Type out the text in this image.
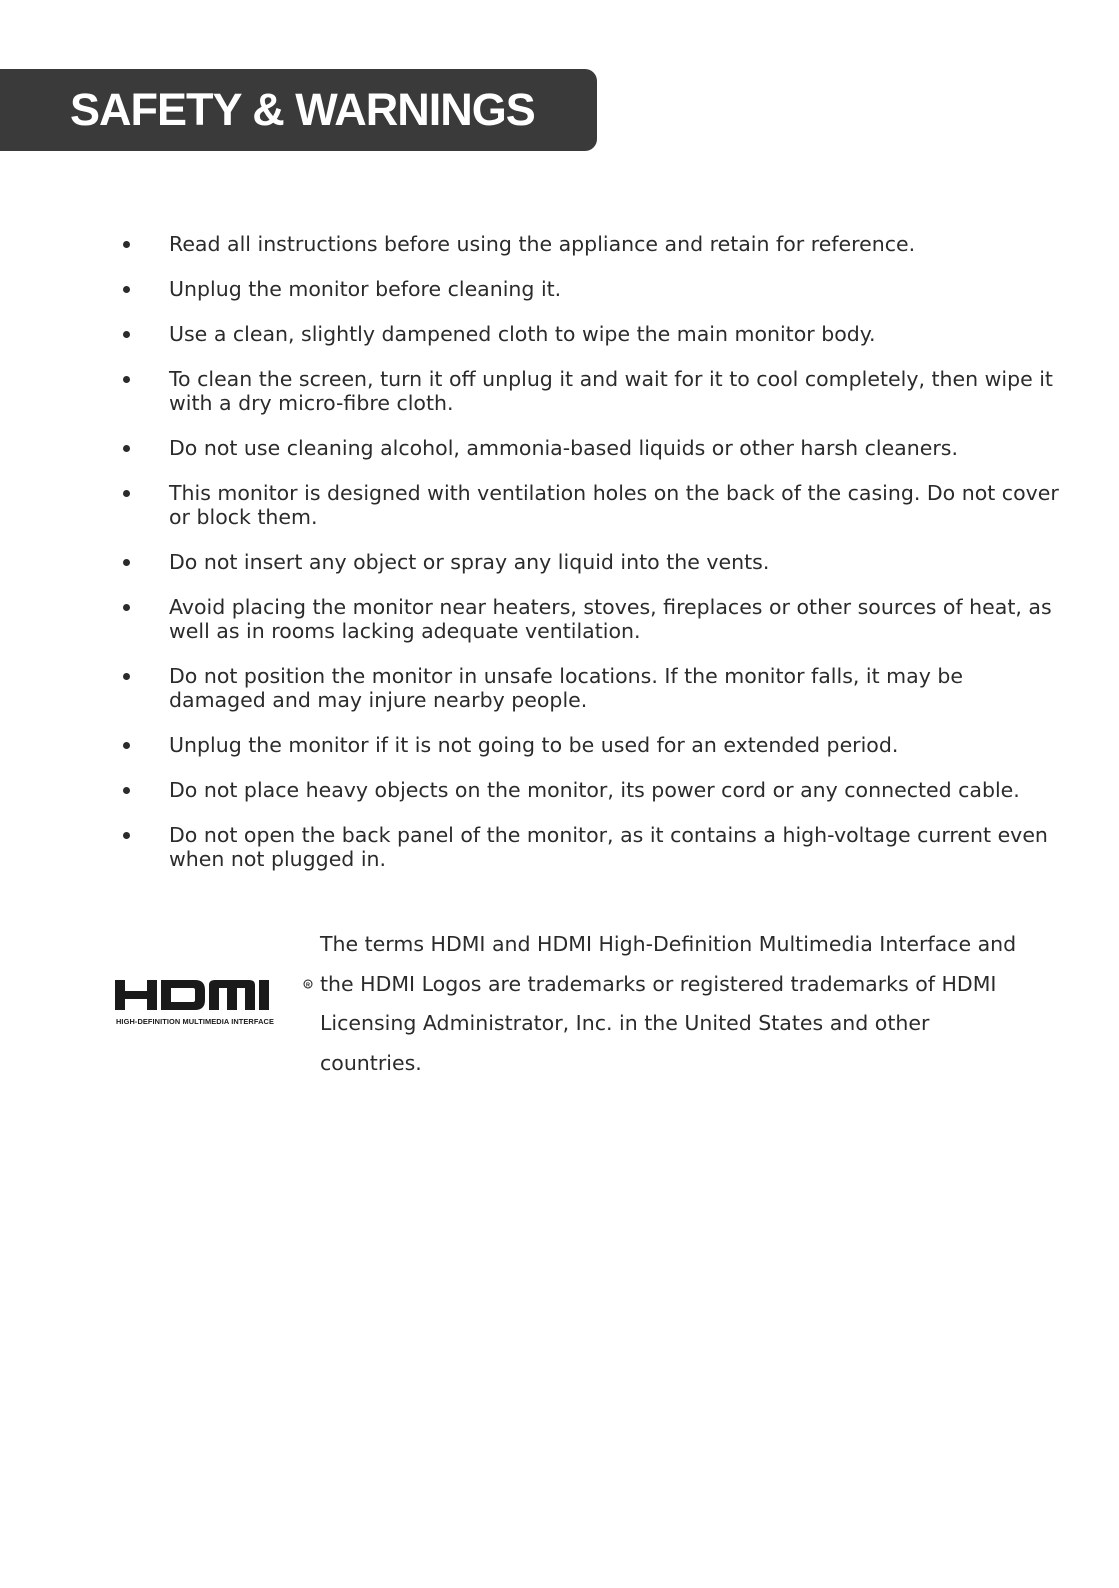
SAFETY & WARNINGS
Read all instructions before using the appliance and retain for reference.
Unplug the monitor before cleaning it.
Use a clean, slightly dampened cloth to wipe the main monitor body.
To clean the screen, turn it off unplug it and wait for it to cool completely, then wipe it with a dry micro-fibre cloth.
Do not use cleaning alcohol, ammonia-based liquids or other harsh cleaners.
This monitor is designed with ventilation holes on the back of the casing. Do not cover or block them.
Do not insert any object or spray any liquid into the vents.
Avoid placing the monitor near heaters, stoves, fireplaces or other sources of heat, as well as in rooms lacking adequate ventilation.
Do not position the monitor in unsafe locations. If the monitor falls, it may be damaged and may injure nearby people.
Unplug the monitor if it is not going to be used for an extended period.
Do not place heavy objects on the monitor, its power cord or any connected cable.
Do not open the back panel of the monitor, as it contains a high-voltage current even when not plugged in.
R
HIGH-DEFINITION MULTIMEDIA INTERFACE

The terms HDMI and HDMI High-Definition Multimedia Interface and the HDMI Logos are trademarks or registered trademarks of HDMI Licensing Administrator, Inc. in the United States and other countries.
